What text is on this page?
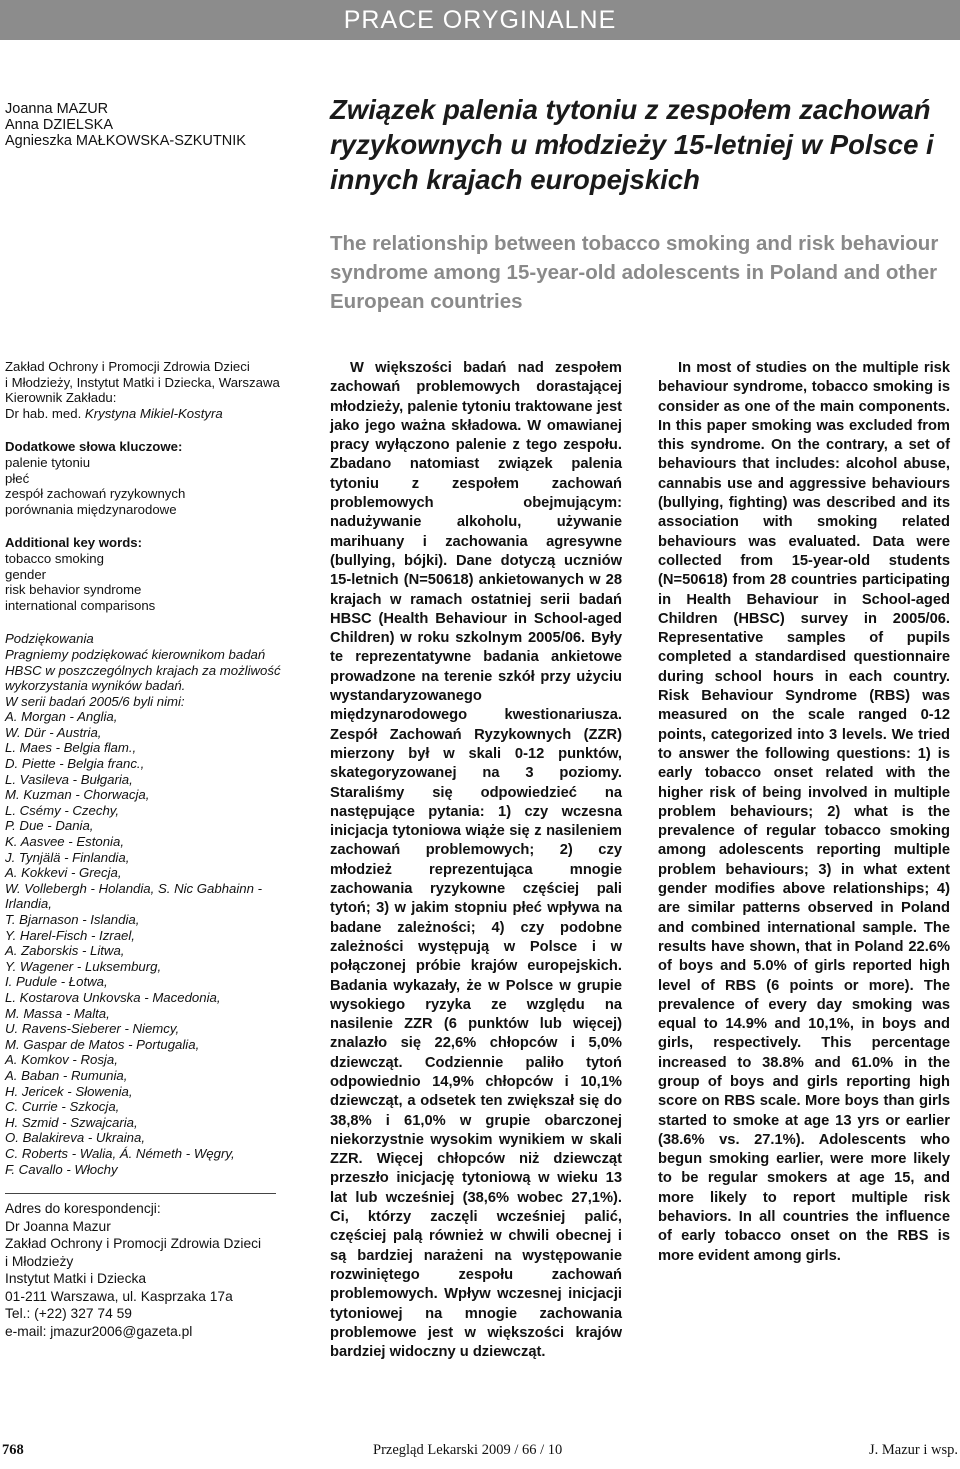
PRACE ORYGINALNE
Joanna MAZUR
Anna DZIELSKA
Agnieszka MAŁKOWSKA-SZKUTNIK
Związek palenia tytoniu z zespołem zachowań ryzykownych u młodzieży 15-letniej w Polsce i innych krajach europejskich
The relationship between tobacco smoking and risk behaviour syndrome among 15-year-old adolescents in Poland and other European countries
Zakład Ochrony i Promocji Zdrowia Dzieci
i Młodzieży, Instytut Matki i Dziecka, Warszawa
Kierownik Zakładu:
Dr hab. med. Krystyna Mikiel-Kostyra
Dodatkowe słowa kluczowe:
palenie tytoniu
płeć
zespół zachowań ryzykownych
porównania międzynarodowe
Additional key words:
tobacco smoking
gender
risk behavior syndrome
international comparisons
Podziękowania
Pragniemy podziękować kierownikom badań
HBSC w poszczególnych krajach za możliwość
wykorzystania wyników badań.
W serii badań 2005/6 byli nimi:
A. Morgan - Anglia,
W. Dür - Austria,
L. Maes - Belgia flam.,
D. Piette - Belgia franc.,
L. Vasileva - Bułgaria,
M. Kuzman - Chorwacja,
L. Csémy - Czechy,
P. Due - Dania,
K. Aasvee - Estonia,
J. Tynjälä - Finlandia,
A. Kokkevi - Grecja,
W. Vollebergh - Holandia, S. Nic Gabhainn -
Irlandia,
T. Bjarnason - Islandia,
Y. Harel-Fisch - Izrael,
A. Zaborskis - Litwa,
Y. Wagener - Luksemburg,
I. Pudule - Łotwa,
L. Kostarova Unkovska - Macedonia,
M. Massa - Malta,
U. Ravens-Sieberer - Niemcy,
M. Gaspar de Matos - Portugalia,
A. Komkov - Rosja,
A. Baban - Rumunia,
H. Jericek - Słowenia,
C. Currie - Szkocja,
H. Szmid - Szwajcaria,
O. Balakireva - Ukraina,
C. Roberts - Walia, Á. Németh - Węgry,
F. Cavallo - Włochy
Adres do korespondencji:
Dr Joanna Mazur
Zakład Ochrony i Promocji Zdrowia Dzieci
i Młodzieży
Instytut Matki i Dziecka
01-211 Warszawa, ul. Kasprzaka 17a
Tel.: (+22) 327 74 59
e-mail: jmazur2006@gazeta.pl

W większości badań nad zespołem zachowań problemowych dorastającej młodzieży, palenie tytoniu traktowane jest jako jego ważna składowa. W omawianej pracy wyłączono palenie z tego zespołu. Zbadano natomiast związek palenia tytoniu z zespołem zachowań problemowych obejmującym: nadużywanie alkoholu, używanie marihuany i zachowania agresywne (bullying, bójki). Dane dotyczą uczniów 15-letnich (N=50618) ankietowanych w 28 krajach w ramach ostatniej serii badań HBSC (Health Behaviour in School-aged Children) w roku szkolnym 2005/06. Były te reprezentatywne badania ankietowe prowadzone na terenie szkół przy użyciu wystandaryzowanego międzynarodowego kwestionariusza. Zespół Zachowań Ryzykownych (ZZR) mierzony był w skali 0-12 punktów, skategoryzowanej na 3 poziomy. Staraliśmy się odpowiedzieć na następujące pytania: 1) czy wczesna inicjacja tytoniowa wiąże się z nasileniem zachowań problemowych; 2) czy młodzież reprezentująca mnogie zachowania ryzykowne częściej pali tytoń; 3) w jakim stopniu płeć wpływa na badane zależności; 4) czy podobne zależności występują w Polsce i w połączonej próbie krajów europejskich. Badania wykazały, że w Polsce w grupie wysokiego ryzyka ze względu na nasilenie ZZR (6 punktów lub więcej) znalazło się 22,6% chłopców i 5,0% dziewcząt. Codziennie paliło tytoń odpowiednio 14,9% chłopców i 10,1% dziewcząt, a odsetek ten zwiększał się do 38,8% i 61,0% w grupie obarczonej niekorzystnie wysokim wynikiem w skali ZZR. Więcej chłopców niż dziewcząt przeszło inicjację tytoniową w wieku 13 lat lub wcześniej (38,6% wobec 27,1%). Ci, którzy zaczęli wcześniej palić, częściej palą również w chwili obecnej i są bardziej narażeni na występowanie rozwiniętego zespołu zachowań problemowych. Wpływ wczesnej inicjacji tytoniowej na mnogie zachowania problemowe jest w większości krajów bardziej widoczny u dziewcząt.

In most of studies on the multiple risk behaviour syndrome, tobacco smoking is consider as one of the main components. In this paper smoking was excluded from this syndrome. On the contrary, a set of behaviours that includes: alcohol abuse, cannabis use and aggressive behaviours (bullying, fighting) was described and its association with smoking related behaviours was evaluated. Data were collected from 15-year-old students (N=50618) from 28 countries participating in Health Behaviour in School-aged Children (HBSC) survey in 2005/06. Representative samples of pupils completed a standardised questionnaire during school hours in each country. Risk Behaviour Syndrome (RBS) was measured on the scale ranged 0-12 points, categorized into 3 levels. We tried to answer the following questions: 1) is early tobacco onset related with the higher risk of being involved in multiple problem behaviours; 2) what is the prevalence of regular tobacco smoking among adolescents reporting multiple problem behaviours; 3) in what extent gender modifies above relationships; 4) are similar patterns observed in Poland and combined international sample. The results have shown, that in Poland 22.6% of boys and 5.0% of girls reported high level of RBS (6 points or more). The prevalence of every day smoking was equal to 14.9% and 10,1%, in boys and girls, respectively. This percentage increased to 38.8% and 61.0% in the group of boys and girls reporting high score on RBS scale. More boys than girls started to smoke at age 13 yrs or earlier (38.6% vs. 27.1%). Adolescents who begun smoking earlier, were more likely to be regular smokers at age 15, and more likely to report multiple risk behaviors. In all countries the influence of early tobacco onset on the RBS is more evident among girls.

768	Przegląd Lekarski 2009 / 66 / 10	J. Mazur i wsp.
